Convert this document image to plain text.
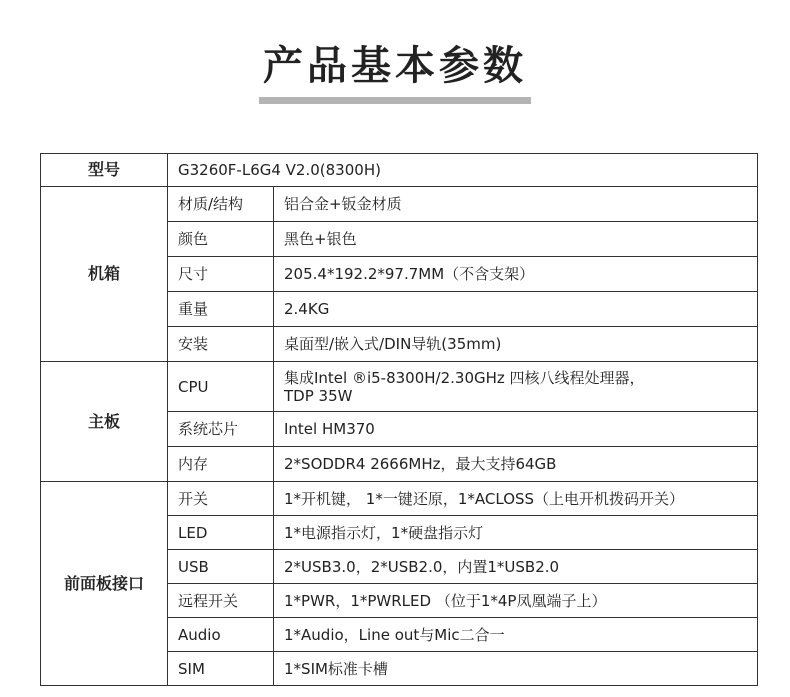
产品基本参数
型号	G3260F-L6G4 V2.0(8300H)	
机箱	材质/结构	铝合金+钣金材质
	颜色	黑色+银色
	尺寸	205.4*192.2*97.7MM（不含支架）
	重量	2.4KG
	安装	桌面型/嵌入式/DIN导轨(35mm)
主板	CPU	集成Intel ®i5-8300H/2.30GHz 四核八线程处理器，
TDP 35W

	系统芯片	Intel HM370
	内存	2*SODDR4 2666MHz，最大支持64GB
前面板接口	开关	1*开机键， 1*一键还原，1*ACLOSS（上电开机拨码开关）
	LED	1*电源指示灯，1*硬盘指示灯
	USB	2*USB3.0，2*USB2.0，内置1*USB2.0
	远程开关	1*PWR，1*PWRLED （位于1*4P凤凰端子上）
	Audio	1*Audio，Line out与Mic二合一
	SIM	1*SIM标准卡槽
